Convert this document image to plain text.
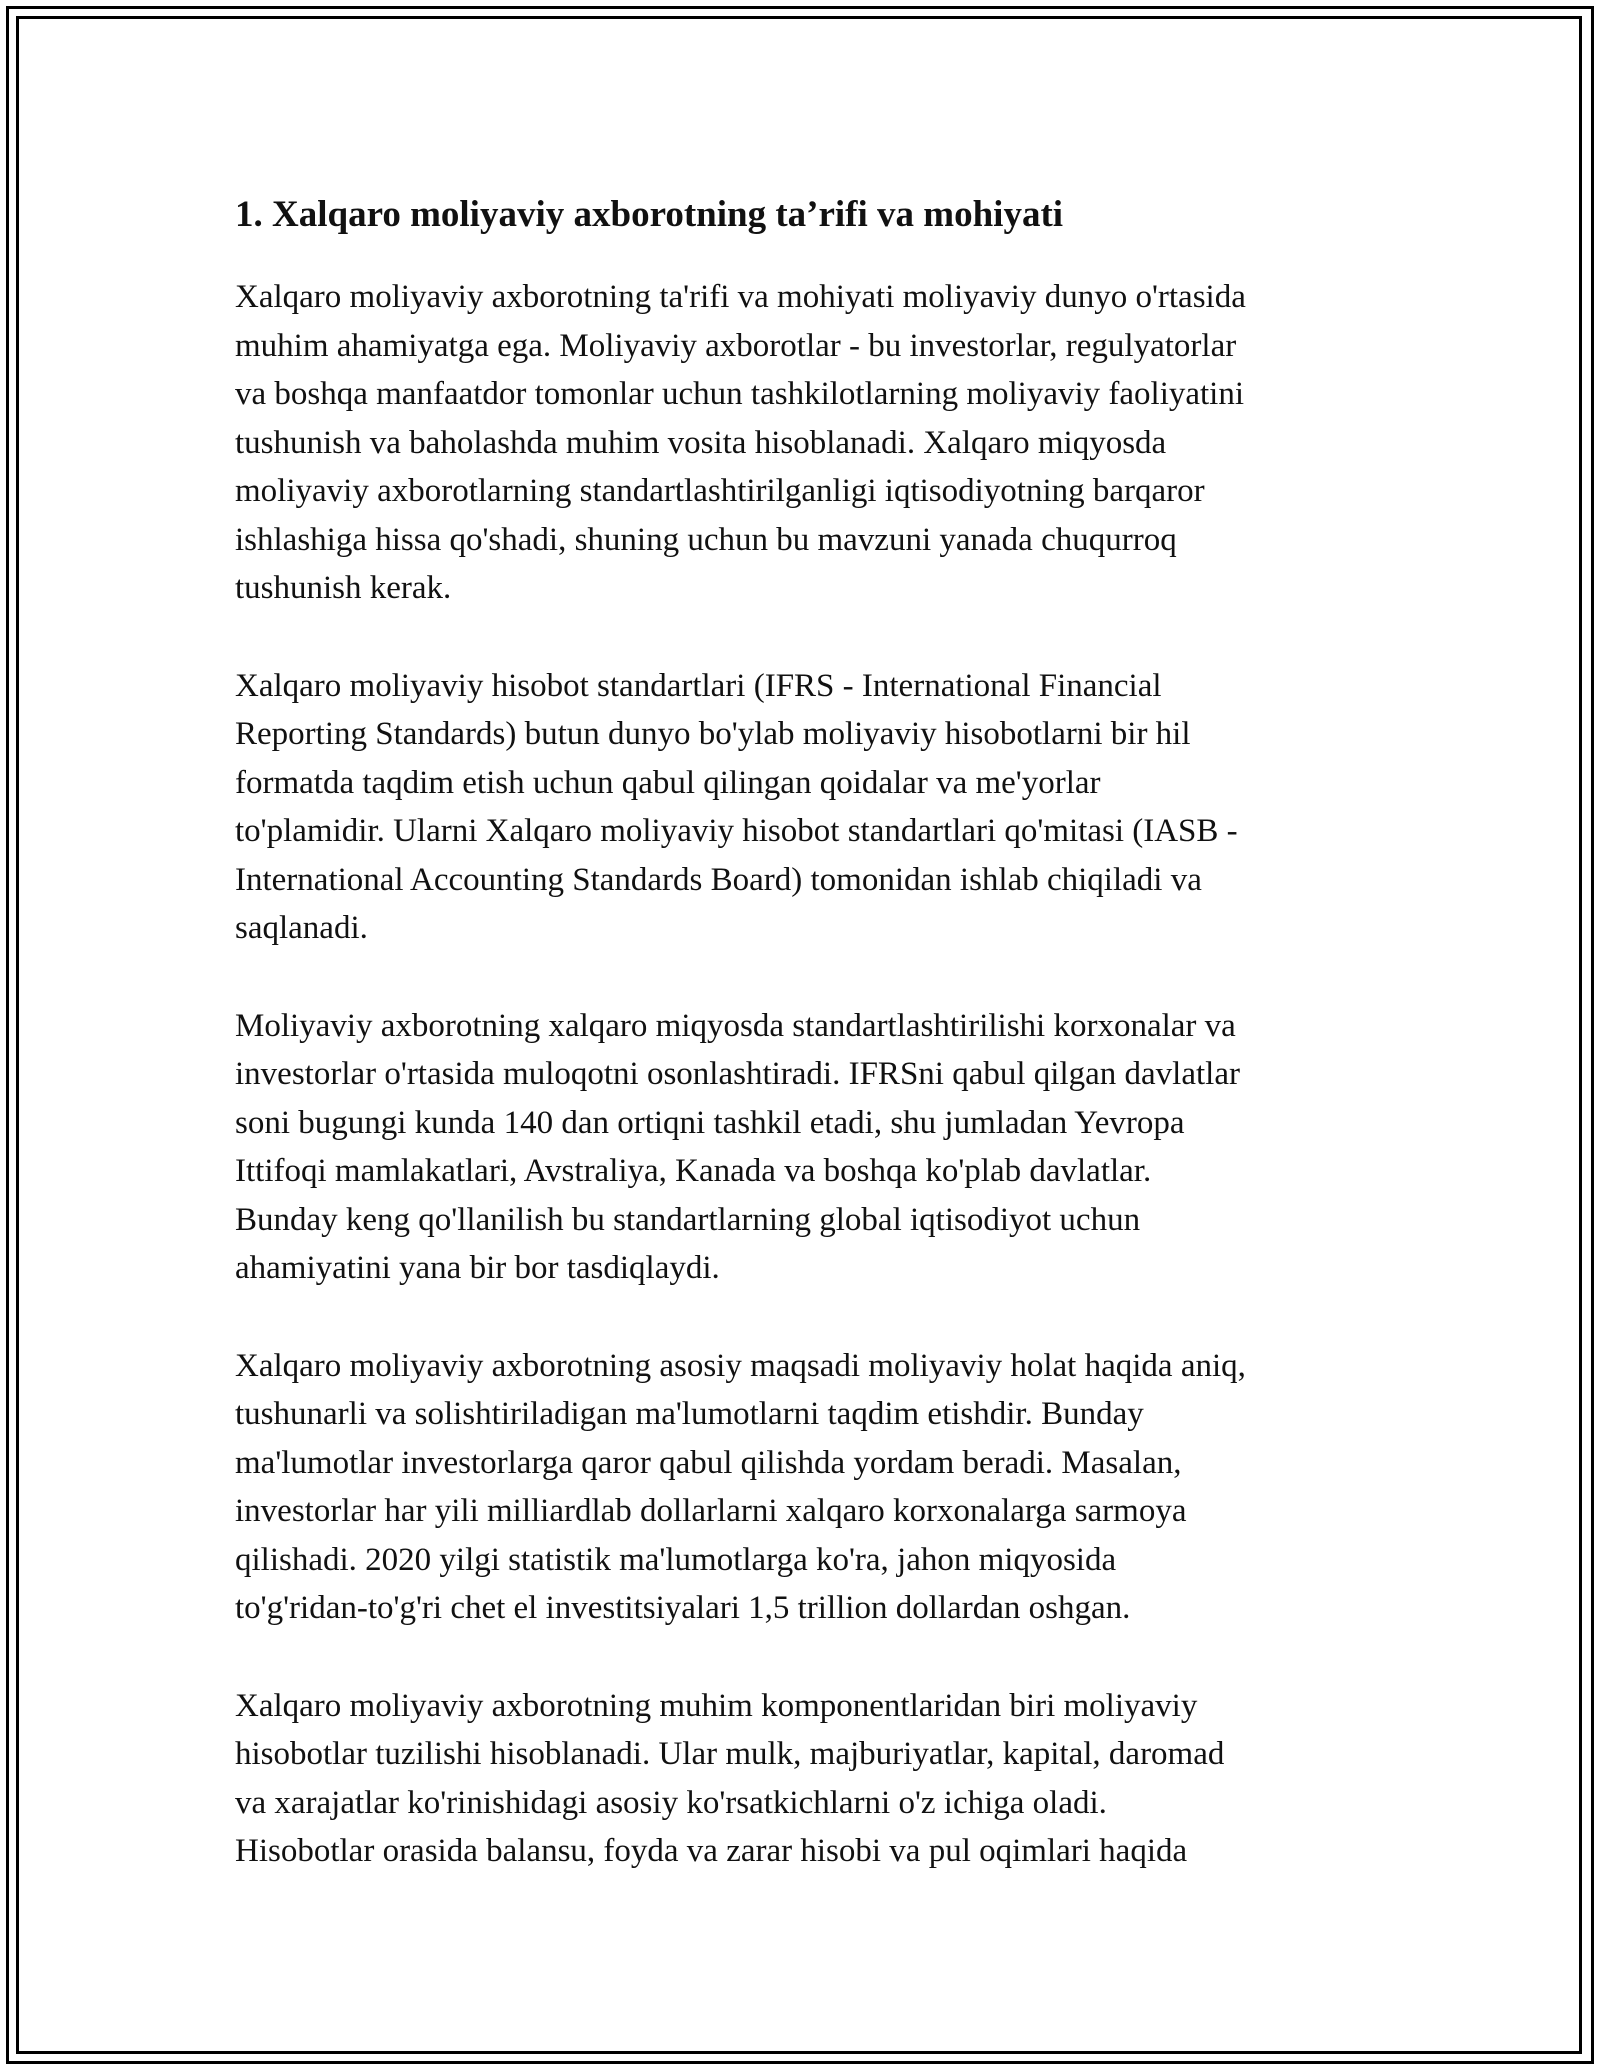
1. Xalqaro moliyaviy axborotning ta’rifi va mohiyati

Xalqaro moliyaviy axborotning ta'rifi va mohiyati moliyaviy dunyo o'rtasida
muhim ahamiyatga ega. Moliyaviy axborotlar - bu investorlar, regulyatorlar
va boshqa manfaatdor tomonlar uchun tashkilotlarning moliyaviy faoliyatini
tushunish va baholashda muhim vosita hisoblanadi. Xalqaro miqyosda
moliyaviy axborotlarning standartlashtirilganligi iqtisodiyotning barqaror
ishlashiga hissa qo'shadi, shuning uchun bu mavzuni yanada chuqurroq
tushunish kerak.

Xalqaro moliyaviy hisobot standartlari (IFRS - International Financial
Reporting Standards) butun dunyo bo'ylab moliyaviy hisobotlarni bir hil
formatda taqdim etish uchun qabul qilingan qoidalar va me'yorlar
to'plamidir. Ularni Xalqaro moliyaviy hisobot standartlari qo'mitasi (IASB -
International Accounting Standards Board) tomonidan ishlab chiqiladi va
saqlanadi.

Moliyaviy axborotning xalqaro miqyosda standartlashtirilishi korxonalar va
investorlar o'rtasida muloqotni osonlashtiradi. IFRSni qabul qilgan davlatlar
soni bugungi kunda 140 dan ortiqni tashkil etadi, shu jumladan Yevropa
Ittifoqi mamlakatlari, Avstraliya, Kanada va boshqa ko'plab davlatlar.
Bunday keng qo'llanilish bu standartlarning global iqtisodiyot uchun
ahamiyatini yana bir bor tasdiqlaydi.

Xalqaro moliyaviy axborotning asosiy maqsadi moliyaviy holat haqida aniq,
tushunarli va solishtiriladigan ma'lumotlarni taqdim etishdir. Bunday
ma'lumotlar investorlarga qaror qabul qilishda yordam beradi. Masalan,
investorlar har yili milliardlab dollarlarni xalqaro korxonalarga sarmoya
qilishadi. 2020 yilgi statistik ma'lumotlarga ko'ra, jahon miqyosida
to'g'ridan-to'g'ri chet el investitsiyalari 1,5 trillion dollardan oshgan.

Xalqaro moliyaviy axborotning muhim komponentlaridan biri moliyaviy
hisobotlar tuzilishi hisoblanadi. Ular mulk, majburiyatlar, kapital, daromad
va xarajatlar ko'rinishidagi asosiy ko'rsatkichlarni o'z ichiga oladi.
Hisobotlar orasida balansu, foyda va zarar hisobi va pul oqimlari haqida
